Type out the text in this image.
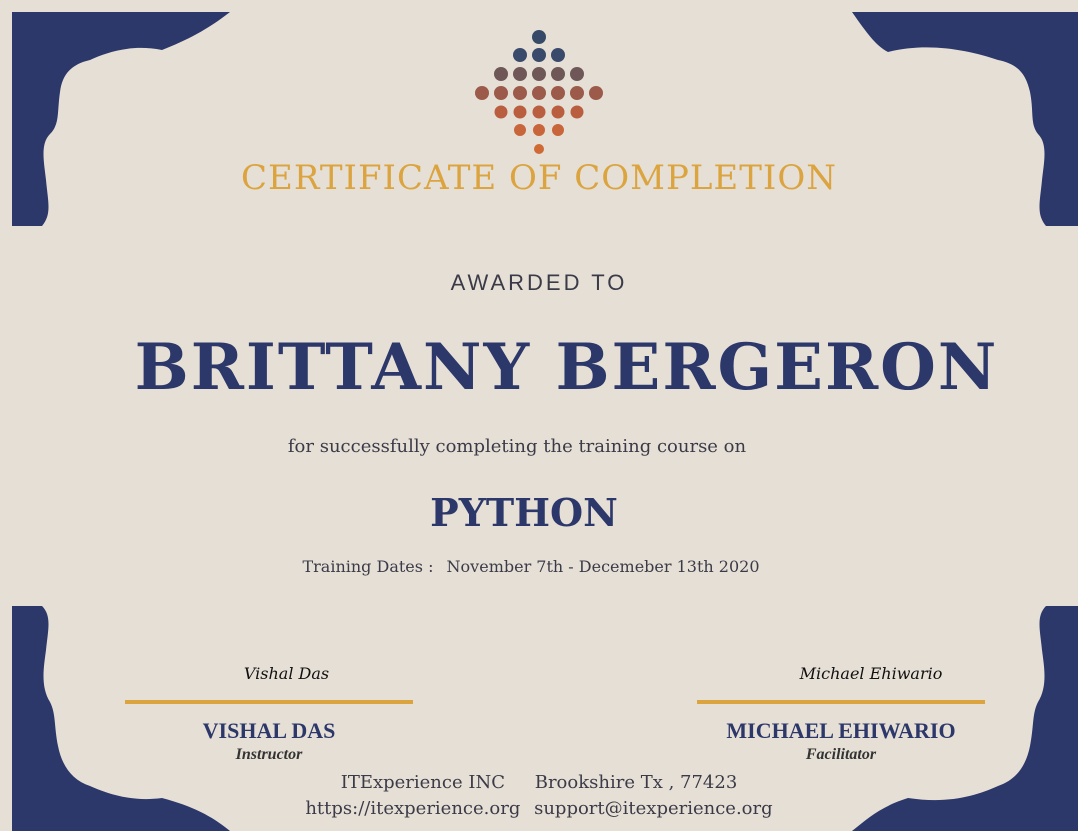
CERTIFICATE OF COMPLETION
AWARDED TO
BRITTANY BERGERON
for successfully completing the training course on
PYTHON
Training Dates : November 7th - Decemeber 13th 2020
Vishal Das
VISHAL DAS
Instructor
Michael Ehiwario
MICHAEL EHIWARIO
Facilitator
ITExperience INC Brookshire Tx , 77423
https://itexperience.org support@itexperience.org
